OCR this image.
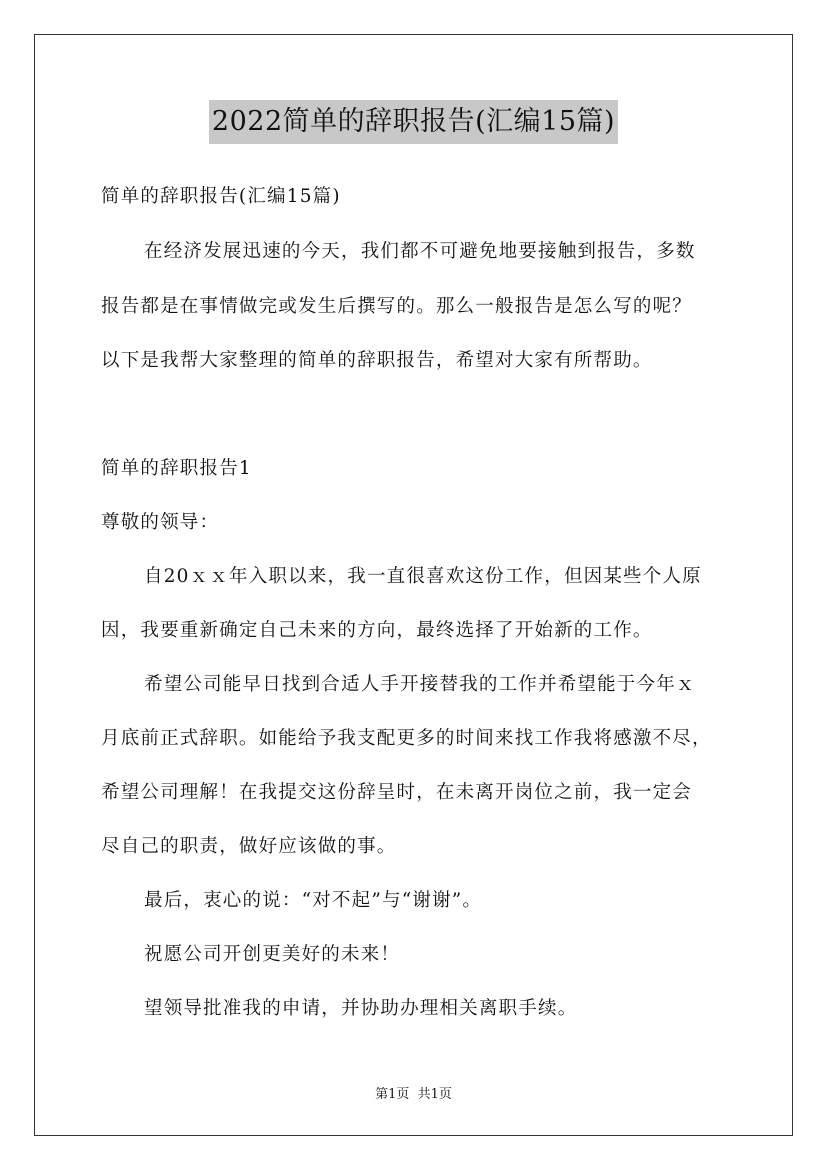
2022简单的辞职报告(汇编15篇)
简单的辞职报告(汇编15篇)
在经济发展迅速的今天，我们都不可避免地要接触到报告，多数
报告都是在事情做完或发生后撰写的。那么一般报告是怎么写的呢？
以下是我帮大家整理的简单的辞职报告，希望对大家有所帮助。
简单的辞职报告1
尊敬的领导：
自20ｘｘ年入职以来，我一直很喜欢这份工作，但因某些个人原
因，我要重新确定自己未来的方向，最终选择了开始新的工作。
希望公司能早日找到合适人手开接替我的工作并希望能于今年ｘ
月底前正式辞职。如能给予我支配更多的时间来找工作我将感激不尽，
希望公司理解！在我提交这份辞呈时，在未离开岗位之前，我一定会
尽自己的职责，做好应该做的事。
最后，衷心的说：“对不起”与“谢谢”。
祝愿公司开创更美好的未来！
望领导批准我的申请，并协助办理相关离职手续。
第1页  共1页
